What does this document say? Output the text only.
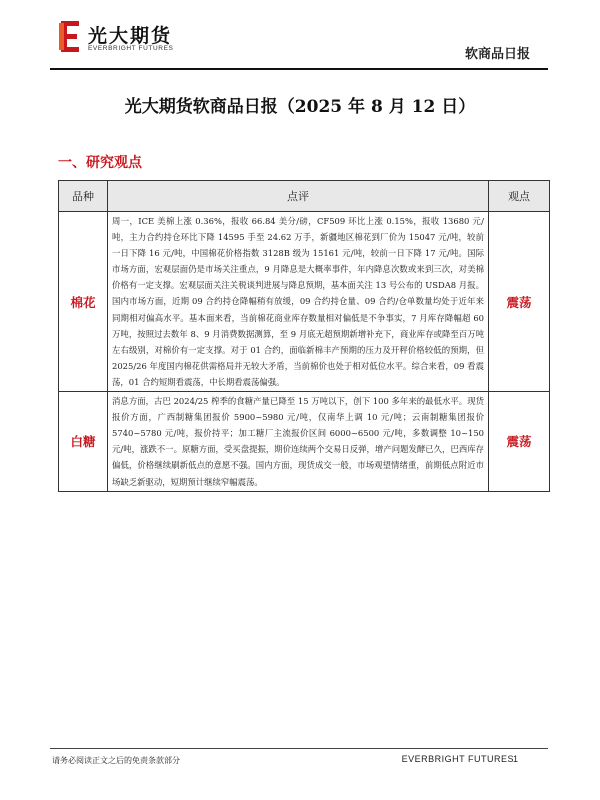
光大期货
EVERBRIGHT FUTURES	软商品日报
光大期货软商品日报（2025 年 8 月 12 日）
一、研究观点
品种	点评	观点
棉花	周一，ICE 美棉上涨 0.36%，报收 66.84 美分/磅，CF509 环比上涨 0.15%，报收 13680 元/吨，主力合约持仓环比下降 14595 手至 24.62 万手，新疆地区棉花到厂价为 15047 元/吨，较前一日下降 16 元/吨，中国棉花价格指数 3128B 级为 15161 元/吨，较前一日下降 17 元/吨。国际市场方面，宏观层面仍是市场关注重点，9 月降息是大概率事件，年内降息次数或来到三次，对美棉价格有一定支撑。宏观层面关注关税谈判进展与降息预期，基本面关注 13 号公布的 USDA8 月报。国内市场方面，近期 09 合约持仓降幅稍有放缓，09 合约持仓量、09 合约/仓单数量均处于近年来同期相对偏高水平。基本面来看，当前棉花商业库存数量相对偏低是不争事实，7 月库存降幅超 60 万吨，按照过去数年 8、9 月消费数据测算，至 9 月底无超预期新增补充下，商业库存或降至百万吨左右级别，对棉价有一定支撑。对于 01 合约，面临新棉丰产预期的压力及开秤价格较低的预期，但 2025/26 年度国内棉花供需格局并无较大矛盾，当前棉价也处于相对低位水平。综合来看，09 看震荡，01 合约短期看震荡，中长期看震荡偏强。	震荡
白糖	消息方面，古巴 2024/25 榨季的食糖产量已降至 15 万吨以下，创下 100 多年来的最低水平。现货报价方面，广西制糖集团报价 5900~5980 元/吨，仅南华上调 10 元/吨；云南制糖集团报价 5740~5780 元/吨，报价持平；加工糖厂主流报价区间 6000~6500 元/吨，多数调整 10~150 元/吨，涨跌不一。原糖方面，受买盘提振，期价连续两个交易日反弹，增产问题发酵已久，巴西库存偏低，价格继续刷新低点的意愿不强。国内方面，现货成交一般，市场观望情绪重，前期低点附近市场缺乏新驱动，短期预计继续窄幅震荡。	震荡
请务必阅读正文之后的免责条款部分	EVERBRIGHT FUTURES
1
